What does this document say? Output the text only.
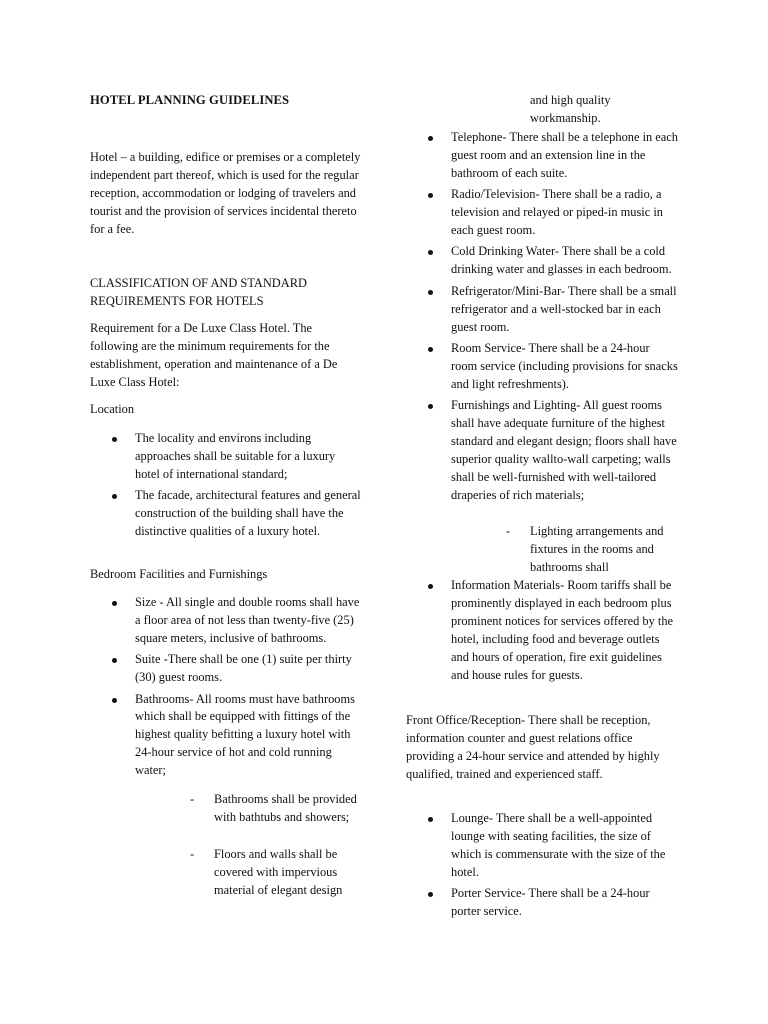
HOTEL PLANNING GUIDELINES

Hotel – a building, edifice or premises or a completely independent part thereof, which is used for the regular reception, accommodation or lodging of travelers and tourist and the provision of services incidental thereto for a fee.

CLASSIFICATION OF AND STANDARD REQUIREMENTS FOR HOTELS

Requirement for a De Luxe Class Hotel. The following are the minimum requirements for the establishment, operation and maintenance of a De Luxe Class Hotel:

Location

The locality and environs including approaches shall be suitable for a luxury hotel of international standard;
The facade, architectural features and general construction of the building shall have the distinctive qualities of a luxury hotel.

Bedroom Facilities and Furnishings

Size - All single and double rooms shall have a floor area of not less than twenty-five (25) square meters, inclusive of bathrooms.
Suite -There shall be one (1) suite per thirty (30) guest rooms.
Bathrooms- All rooms must have bathrooms which shall be equipped with fittings of the highest quality befitting a luxury hotel with 24-hour service of hot and cold running water;
- Bathrooms shall be provided with bathtubs and showers;
- Floors and walls shall be covered with impervious material of elegant design

and high quality workmanship.

Telephone- There shall be a telephone in each guest room and an extension line in the bathroom of each suite.
Radio/Television- There shall be a radio, a television and relayed or piped-in music in each guest room.
Cold Drinking Water- There shall be a cold drinking water and glasses in each bedroom.
Refrigerator/Mini-Bar- There shall be a small refrigerator and a well-stocked bar in each guest room.
Room Service- There shall be a 24-hour room service (including provisions for snacks and light refreshments).
Furnishings and Lighting- All guest rooms shall have adequate furniture of the highest standard and elegant design; floors shall have superior quality wallto-wall carpeting; walls shall be well-furnished with well-tailored draperies of rich materials;
- Lighting arrangements and fixtures in the rooms and bathrooms shall
Information Materials- Room tariffs shall be prominently displayed in each bedroom plus prominent notices for services offered by the hotel, including food and beverage outlets and hours of operation, fire exit guidelines and house rules for guests.

Front Office/Reception- There shall be reception, information counter and guest relations office providing a 24-hour service and attended by highly qualified, trained and experienced staff.

Lounge- There shall be a well-appointed lounge with seating facilities, the size of which is commensurate with the size of the hotel.
Porter Service- There shall be a 24-hour porter service.
